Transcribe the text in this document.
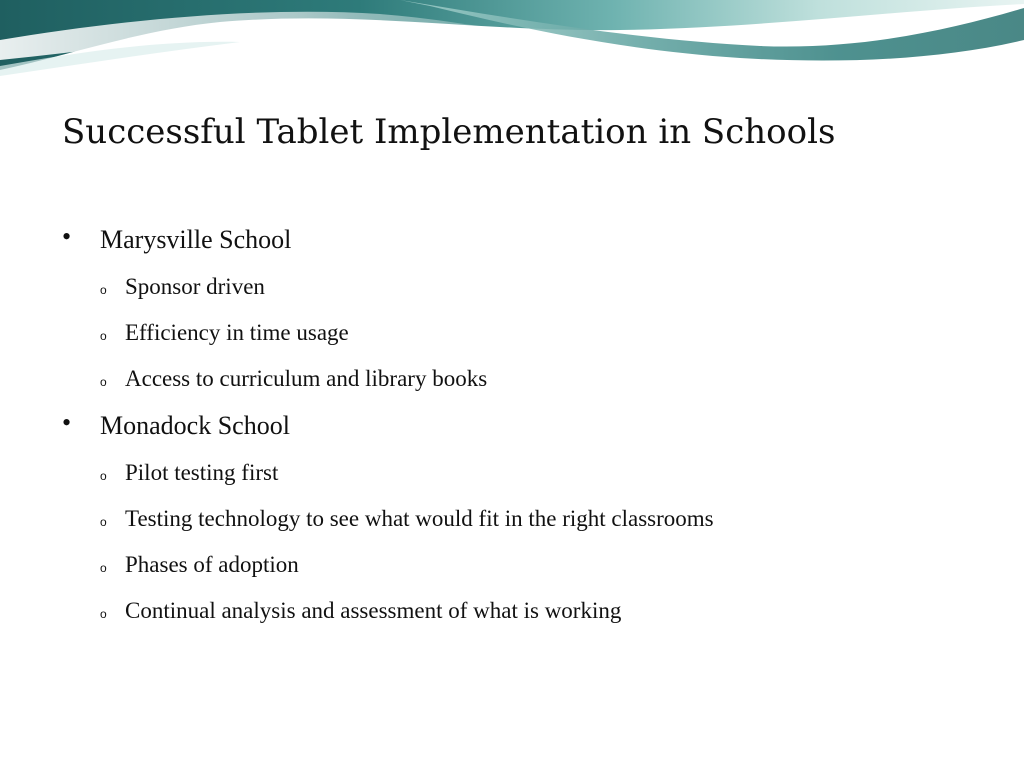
Successful Tablet Implementation in Schools
• Marysville School
o Sponsor driven
o Efficiency in time usage
o Access to curriculum and library books
• Monadock School
o Pilot testing first
o Testing technology to see what would fit in the right classrooms
o Phases of adoption
o Continual analysis and assessment of what is working
